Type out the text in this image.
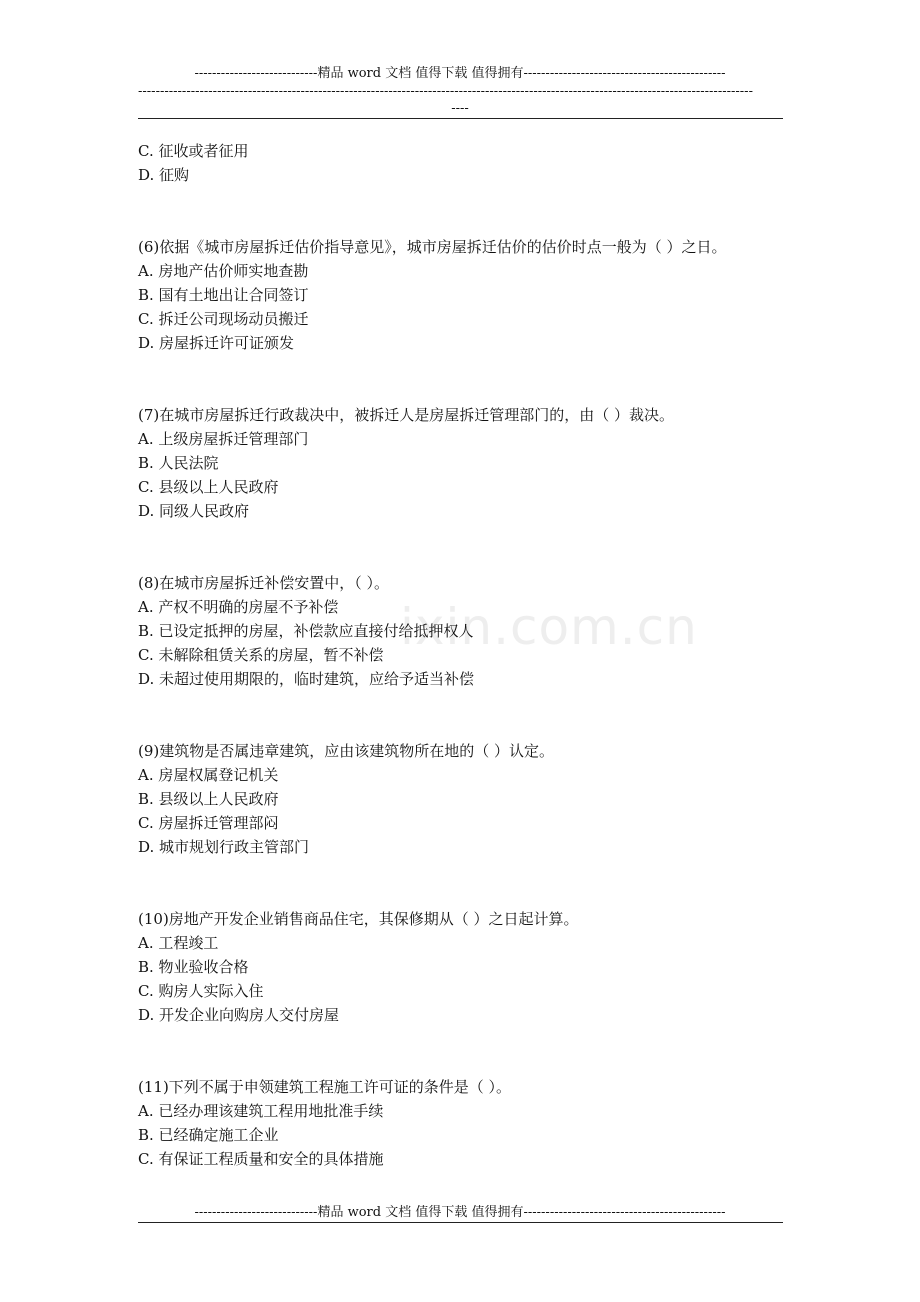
----------------------------精品 word 文档 值得下载 值得拥有----------------------------------------------
--------------------------------------------------------------------------------------------------------------------------------------------
----
ixin.com.cn
C. 征收或者征用
D. 征购
(6)依据《城市房屋拆迁估价指导意见》，城市房屋拆迁估价的估价时点一般为（ ）之日。
A. 房地产估价师实地查勘
B. 国有土地出让合同签订
C. 拆迁公司现场动员搬迁
D. 房屋拆迁许可证颁发
(7)在城市房屋拆迁行政裁决中，被拆迁人是房屋拆迁管理部门的，由（ ）裁决。
A. 上级房屋拆迁管理部门
B. 人民法院
C. 县级以上人民政府
D. 同级人民政府
(8)在城市房屋拆迁补偿安置中，（ ）。
A. 产权不明确的房屋不予补偿
B. 已设定抵押的房屋，补偿款应直接付给抵押权人
C. 未解除租赁关系的房屋，暂不补偿
D. 未超过使用期限的，临时建筑，应给予适当补偿
(9)建筑物是否属违章建筑，应由该建筑物所在地的（ ）认定。
A. 房屋权属登记机关
B. 县级以上人民政府
C. 房屋拆迁管理部闷
D. 城市规划行政主管部门
(10)房地产开发企业销售商品住宅，其保修期从（ ）之日起计算。
A. 工程竣工
B. 物业验收合格
C. 购房人实际入住
D. 开发企业向购房人交付房屋
(11)下列不属于申领建筑工程施工许可证的条件是（ ）。
A. 已经办理该建筑工程用地批准手续
B. 已经确定施工企业
C. 有保证工程质量和安全的具体措施
----------------------------精品 word 文档 值得下载 值得拥有----------------------------------------------
